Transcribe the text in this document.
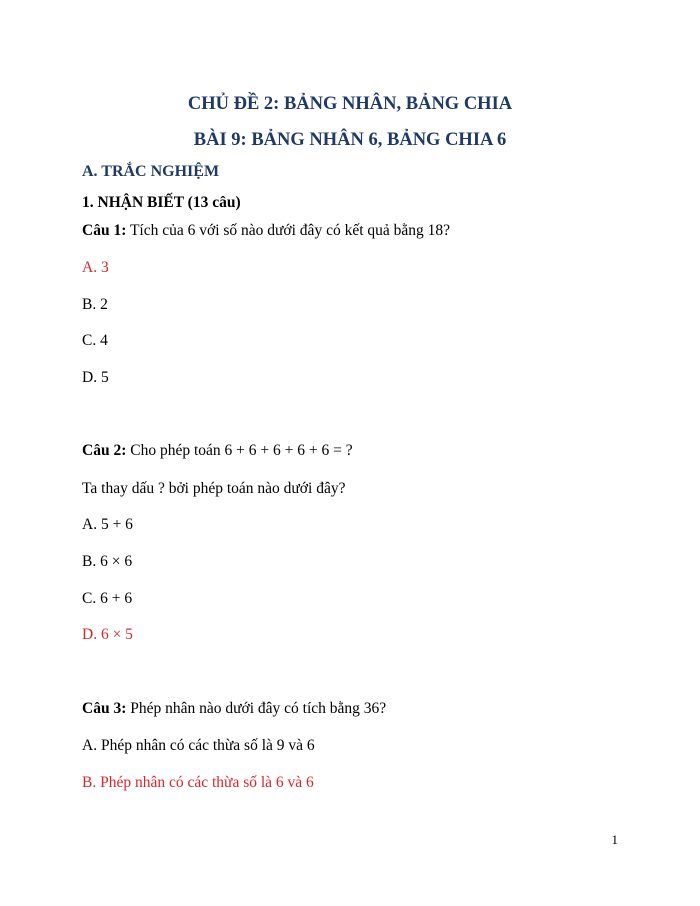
CHỦ ĐỀ 2: BẢNG NHÂN, BẢNG CHIA
BÀI 9: BẢNG NHÂN 6, BẢNG CHIA 6
A. TRẮC NGHIỆM
1. NHẬN BIẾT (13 câu)

Câu 1: Tích của 6 với số nào dưới đây có kết quả bằng 18?

A. 3

B. 2

C. 4

D. 5

Câu 2: Cho phép toán 6 + 6 + 6 + 6 + 6 = ?

Ta thay dấu ? bởi phép toán nào dưới đây?

A. 5 + 6

B. 6 × 6

C. 6 + 6

D. 6 × 5

Câu 3: Phép nhân nào dưới đây có tích bằng 36?

A. Phép nhân có các thừa số là 9 và 6

B. Phép nhân có các thừa số là 6 và 6

1
